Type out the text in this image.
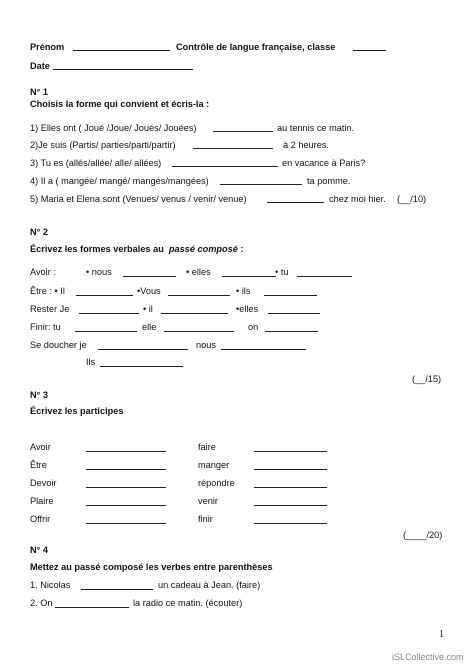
Prénom	Contrôle de langue française, classe
Date
N° 1
Choisis la forme qui convient et écris-la :
1) Elles ont ( Joué /Joue/ Joués/ Jouées)	au tennis ce matin.
2)Je suis (Partis/ parties/parti/partir)	à 2 heures.
3) Tu es (allés/allée/ alle/ allées)	en vacance à Paris?
4) Il a ( mangée/ mangé/ mangés/mangées)	ta pomme.
5) Maria et Elena sont (Venues/ venus / venir/ venue)	chez moi hier. (__/10)
N° 2
Écrivez les formes verbales au passé composé :
Avoir :	• nous	• elles	• tu
Être : • Il	•Vous	• ils
Rester Je	• il	•elles
Finir: tu	elle	on
Se doucher je	nous
Ils
(__/15)
N° 3
Écrivez les participes
Avoir	faire
Être	manger
Devoir	répondre
Plaire	venir
Offrir	finir
(____/20)
N° 4
Mettez au passé composé les verbes entre parenthèses
1. Nicolas	un cadeau à Jean. (faire)
2. On	la radio ce matin. (écouter)
1
iSLCollective.com
